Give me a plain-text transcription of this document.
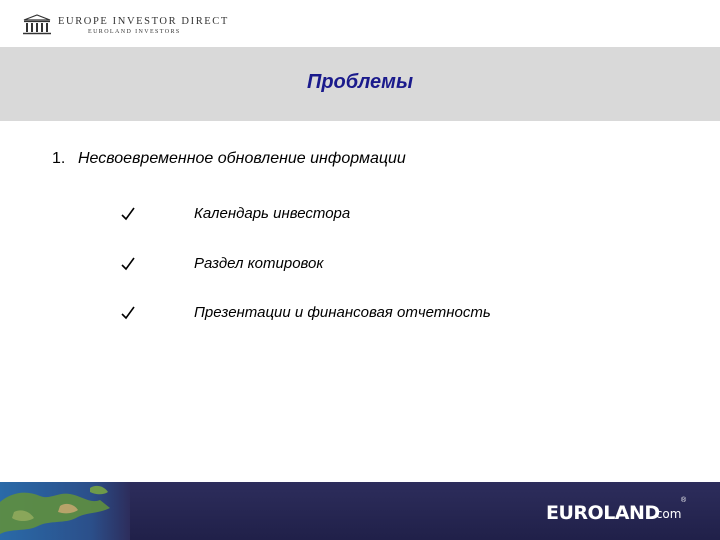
EUROPE INVESTOR DIRECT
EUROLAND INVESTORS
Проблемы
1. Несвоевременное обновление информации
Календарь инвестора
Раздел котировок
Презентации и финансовая отчетность
EUROLAND
.com
®
